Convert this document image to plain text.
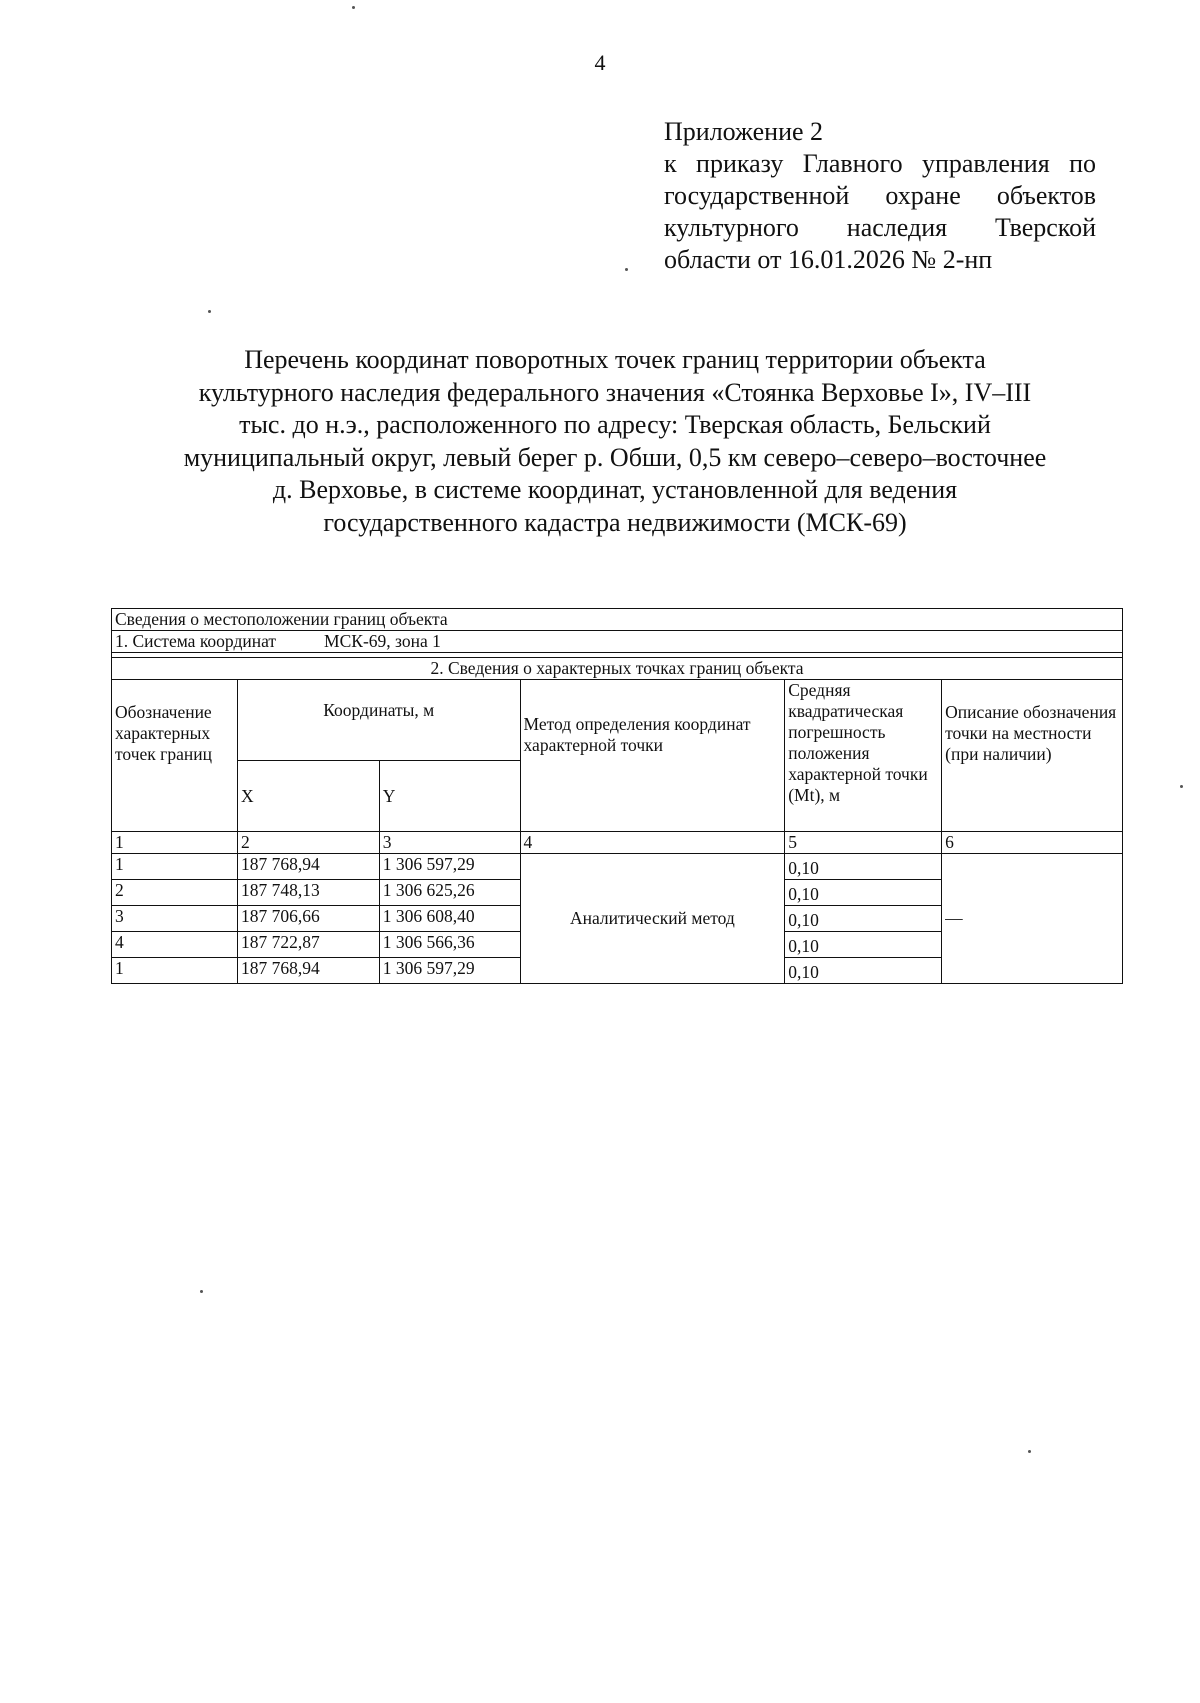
4
Приложение 2
к приказу Главного управления по
государственной охране объектов
культурного наследия Тверской
области от 16.01.2026 № 2-нп
Перечень координат поворотных точек границ территории объекта
культурного наследия федерального значения «Стоянка Верховье I», IV–III
тыс. до н.э., расположенного по адресу: Тверская область, Бельский
муниципальный округ, левый берег р. Обши, 0,5 км северо–северо–восточнее
д. Верховье, в системе координат, установленной для ведения
государственного кадастра недвижимости (МСК-69)
Сведения о местоположении границ объекта					
1. Система координат МСК-69, зона 1					

2. Сведения о характерных точках границ объекта					
Обозначение характерных точек границ	Координаты, м		Метод определения координат характерной точки	Средняя квадратическая погрешность положения характерной точки (Mt), м	Описание обозначения точки на местности (при наличии)
	X	Y			
1	2	3	4	5	6
1	187 768,94	1 306 597,29	Аналитический метод	0,10	—
2	187 748,13	1 306 625,26		0,10	
3	187 706,66	1 306 608,40		0,10	
4	187 722,87	1 306 566,36		0,10	
1	187 768,94	1 306 597,29		0,10	
